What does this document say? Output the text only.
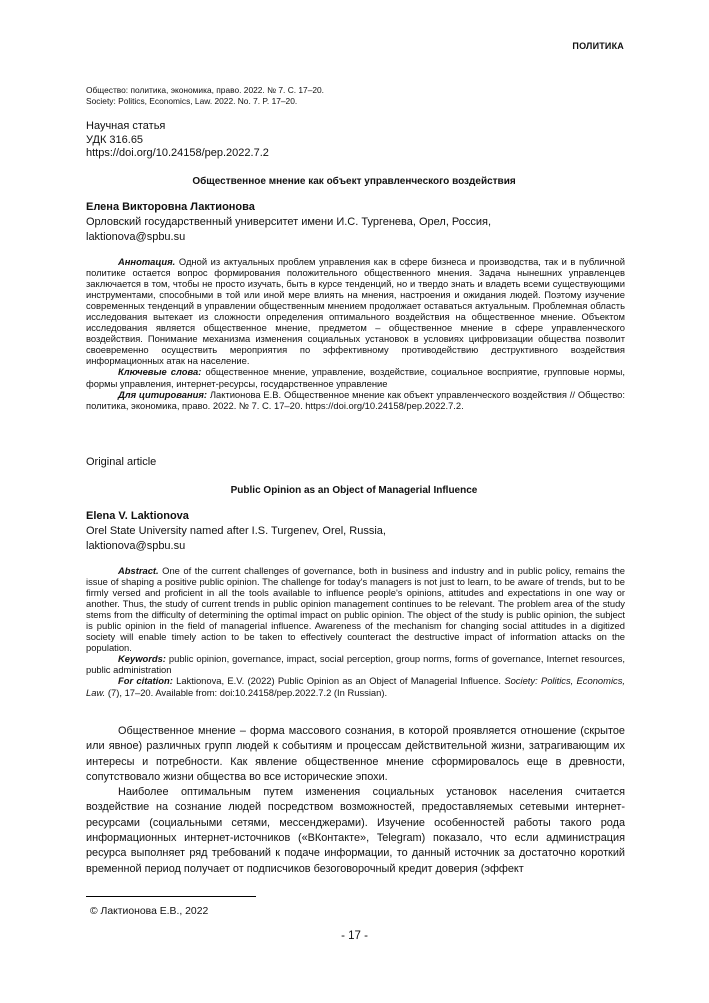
ПОЛИТИКА
Общество: политика, экономика, право. 2022. № 7. С. 17–20.
Society: Politics, Economics, Law. 2022. No. 7. P. 17–20.
Научная статья
УДК 316.65
https://doi.org/10.24158/pep.2022.7.2
Общественное мнение как объект управленческого воздействия
Елена Викторовна Лактионова
Орловский государственный университет имени И.С. Тургенева, Орел, Россия,
laktionova@spbu.su

Аннотация. Одной из актуальных проблем управления как в сфере бизнеса и производства, так и в публичной политике остается вопрос формирования положительного общественного мнения. Задача нынешних управленцев заключается в том, чтобы не просто изучать, быть в курсе тенденций, но и твердо знать и владеть всеми существующими инструментами, способными в той или иной мере влиять на мнения, настроения и ожидания людей. Поэтому изучение современных тенденций в управлении общественным мнением продолжает оставаться актуальным. Проблемная область исследования вытекает из сложности определения оптимального воздействия на общественное мнение. Объектом исследования является общественное мнение, предметом – общественное мнение в сфере управленческого воздействия. Понимание механизма изменения социальных установок в условиях цифровизации общества позволит своевременно осуществить мероприятия по эффективному противодействию деструктивного воздействия информационных атак на население.

Ключевые слова: общественное мнение, управление, воздействие, социальное восприятие, групповые нормы, формы управления, интернет-ресурсы, государственное управление

Для цитирования: Лактионова Е.В. Общественное мнение как объект управленческого воздействия // Общество: политика, экономика, право. 2022. № 7. С. 17–20. https://doi.org/10.24158/pep.2022.7.2.

Original article
Public Opinion as an Object of Managerial Influence
Elena V. Laktionova
Orel State University named after I.S. Turgenev, Orel, Russia,
laktionova@spbu.su

Abstract. One of the current challenges of governance, both in business and industry and in public policy, remains the issue of shaping a positive public opinion. The challenge for today's managers is not just to learn, to be aware of trends, but to be firmly versed and proficient in all the tools available to influence people's opinions, attitudes and expectations in one way or another. Thus, the study of current trends in public opinion management continues to be relevant. The problem area of the study stems from the difficulty of determining the optimal impact on public opinion. The object of the study is public opinion, the subject is public opinion in the field of managerial influence. Awareness of the mechanism for changing social attitudes in a digitized society will enable timely action to be taken to effectively counteract the destructive impact of information attacks on the population.

Keywords: public opinion, governance, impact, social perception, group norms, forms of governance, Internet resources, public administration

For citation: Laktionova, E.V. (2022) Public Opinion as an Object of Managerial Influence. Society: Politics, Economics, Law. (7), 17–20. Available from: doi:10.24158/pep.2022.7.2 (In Russian).

Общественное мнение – форма массового сознания, в которой проявляется отношение (скрытое или явное) различных групп людей к событиям и процессам действительной жизни, затрагивающим их интересы и потребности. Как явление общественное мнение сформировалось еще в древности, сопутствовало жизни общества во все исторические эпохи.

Наиболее оптимальным путем изменения социальных установок населения считается воздействие на сознание людей посредством возможностей, предоставляемых сетевыми интернет-ресурсами (социальными сетями, мессенджерами). Изучение особенностей работы такого рода информационных интернет-источников («ВКонтакте», Telegram) показало, что если администрация ресурса выполняет ряд требований к подаче информации, то данный источник за достаточно короткий временной период получает от подписчиков безоговорочный кредит доверия (эффект

© Лактионова Е.В., 2022
- 17 -
